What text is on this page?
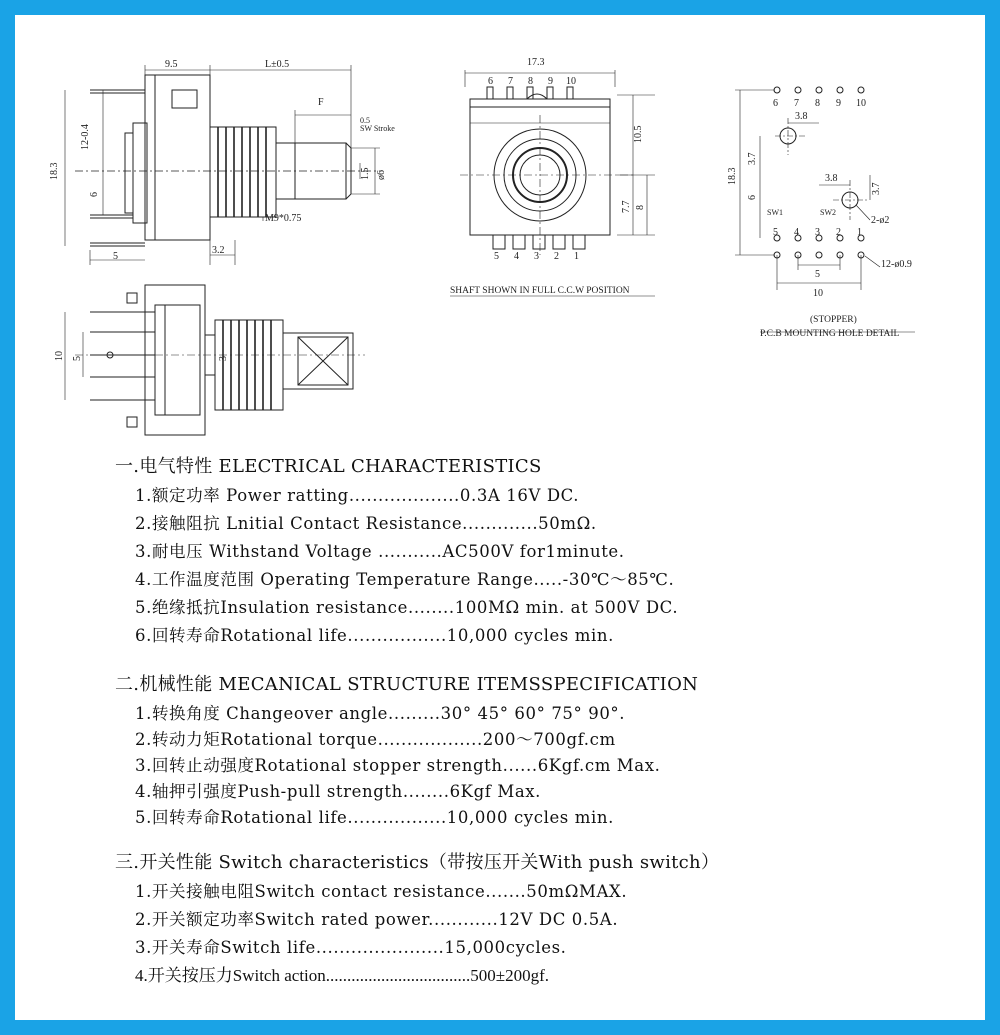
9.5	L±0.5
F
0.5
SW Stroke
12-0.4
18.3
6
1.5 ø6
M9*0.75
5
3.2
17.3
6 7 8 9 10
5 4 3 2 1
10.5
7.7 8
SHAFT SHOWN IN FULL C.C.W POSITION
6 7 8 9 10
5 4 3 2 1
3.8
3.7
18.3	3.8
3.7
6
5
10
SW1	SW2
2-ø2
12-ø0.9
(STOPPER)
P.C.B MOUNTING HOLE DETAIL
10 5	3
一.电气特性 ELECTRICAL CHARACTERISTICS
1.额定功率 Power ratting...................0.3A 16V DC.
2.接触阻抗 Lnitial Contact Resistance.............50mΩ.
3.耐电压 Withstand Voltage ...........AC500V for1minute.
4.工作温度范围 Operating Temperature Range.....-30℃～85℃.
5.绝缘抵抗Insulation resistance........100MΩ min. at 500V DC.
6.回转寿命Rotational life.................10,000 cycles min.
二.机械性能 MECANICAL STRUCTURE ITEMSSPECIFICATION
1.转换角度 Changeover angle.........30° 45° 60° 75° 90°.
2.转动力矩Rotational torque..................200～700gf.cm
3.回转止动强度Rotational stopper strength......6Kgf.cm Max.
4.轴押引强度Push-pull strength........6Kgf Max.
5.回转寿命Rotational life.................10,000 cycles min.
三.开关性能 Switch characteristics（带按压开关With push switch）
1.开关接触电阻Switch contact resistance.......50mΩMAX.
2.开关额定功率Switch rated power............12V DC 0.5A.
3.开关寿命Switch life......................15,000cycles.
4.开关按压力Switch action..................................500±200gf.
